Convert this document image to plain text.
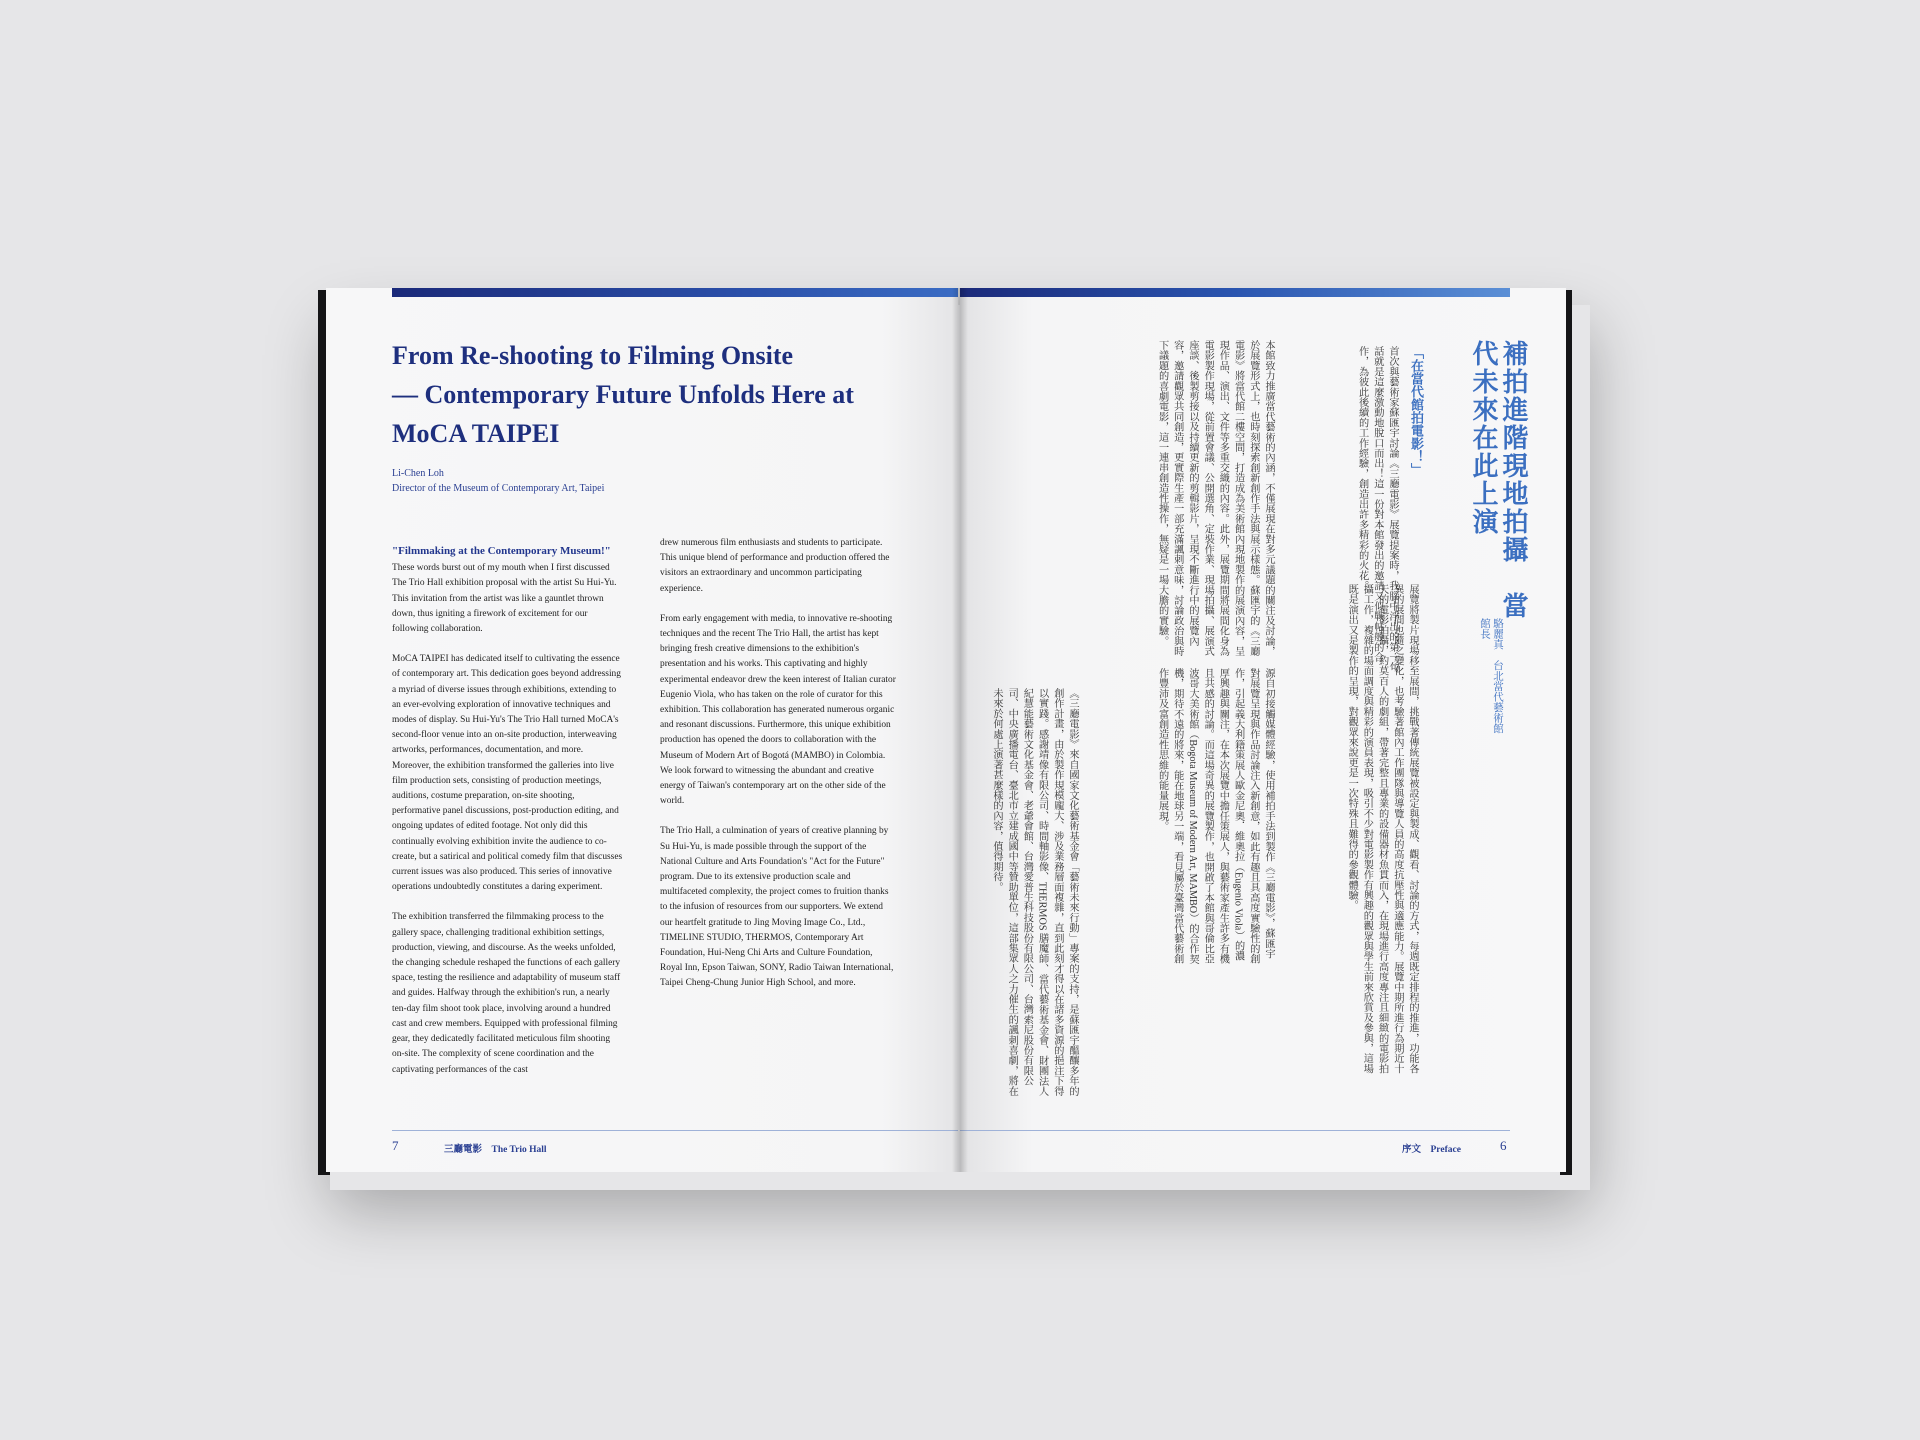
From Re-shooting to Filming Onsite
— Contemporary Future Unfolds Here at
MoCA TAIPEI
Li-Chen Loh
Director of the Museum of Contemporary Art, Taipei
"Filmmaking at the Contemporary Museum!"

These words burst out of my mouth when I first discussed The Trio Hall exhibition proposal with the artist Su Hui-Yu. This invitation from the artist was like a gauntlet thrown down, thus igniting a firework of excitement for our following collaboration.

MoCA TAIPEI has dedicated itself to cultivating the essence of contemporary art. This dedication goes beyond addressing a myriad of diverse issues through exhibitions, extending to an ever-evolving exploration of innovative techniques and modes of display. Su Hui-Yu's The Trio Hall turned MoCA's second-floor venue into an on-site production, interweaving artworks, performances, documentation, and more. Moreover, the exhibition transformed the galleries into live film production sets, consisting of production meetings, auditions, costume preparation, on-site shooting, performative panel discussions, post-production editing, and ongoing updates of edited footage. Not only did this continually evolving exhibition invite the audience to co-create, but a satirical and political comedy film that discusses current issues was also produced. This series of innovative operations undoubtedly constitutes a daring experiment.

The exhibition transferred the filmmaking process to the gallery space, challenging traditional exhibition settings, production, viewing, and discourse. As the weeks unfolded, the changing schedule reshaped the functions of each gallery space, testing the resilience and adaptability of museum staff and guides. Halfway through the exhibition's run, a nearly ten-day film shoot took place, involving around a hundred cast and crew members. Equipped with professional filming gear, they dedicatedly facilitated meticulous film shooting on-site. The complexity of scene coordination and the captivating performances of the cast

drew numerous film enthusiasts and students to participate. This unique blend of performance and production offered the visitors an extraordinary and uncommon participating experience.

From early engagement with media, to innovative re-shooting techniques and the recent The Trio Hall, the artist has kept bringing fresh creative dimensions to the exhibition's presentation and his works. This captivating and highly experimental endeavor drew the keen interest of Italian curator Eugenio Viola, who has taken on the role of curator for this exhibition. This collaboration has generated numerous organic and resonant discussions. Furthermore, this unique exhibition production has opened the doors to collaboration with the Museum of Modern Art of Bogotá (MAMBO) in Colombia. We look forward to witnessing the abundant and creative energy of Taiwan's contemporary art on the other side of the world.

The Trio Hall, a culmination of years of creative planning by Su Hui-Yu, is made possible through the support of the National Culture and Arts Foundation's "Act for the Future" program. Due to its extensive production scale and multifaceted complexity, the project comes to fruition thanks to the infusion of resources from our supporters. We extend our heartfelt gratitude to Jing Moving Image Co., Ltd., TIMELINE STUDIO, THERMOS, Contemporary Art Foundation, Hui-Neng Chi Arts and Culture Foundation, Royal Inn, Epson Taiwan, SONY, Radio Taiwan International, Taipei Cheng-Chung Junior High School, and more.

7	三廳電影　The Trio Hall
補拍進階現地拍攝　當代未來在此上演
駱麗真　台北當代藝術館館長
「在當代館拍電影！」
首次與藝術家蘇匯宇討論《三廳電影》展覽提案時，我腦中浮出的第一句話就是這麼激動地脫口而出！這一份對本館發出的邀請又似戰帖般的合作，為彼此後續的工作經驗，創造出許多精彩的火花。
本館致力推廣當代藝術的內涵，不僅展現在對多元議題的關注及討論，於展覽形式上，也時刻探索創新創作手法與展示樣態。蘇匯宇的《三廳電影》將當代館二樓空間，打造成為美術館內現地製作的展演內容，呈現作品、演出、文件等多重交織的內容。此外，展覽期間將展間化身為電影製作現場，從前置會議、公開選角、定裝作業、現場拍攝、展演式座談、後製剪接以及持續更新的剪輯影片，呈現不斷進行中的展覽內容，邀請觀眾共同創造，更實際生產一部充滿諷刺意味，討論政治與時下議題的喜劇電影，這一連串創造性操作，無疑是一場大膽的實驗。
展覽將製片現場移至展間，挑戰著傳統展覽被設定與製成、觀看、討論的方式，每週既定排程的推進，功能各異的展間也隨之變化，也考驗著館內工作團隊與導覽人員的高度抗壓性與適應能力。展覽中期所進行為期近十天的電影拍攝，約莫百人的劇組，帶著完整且專業的設備器材魚貫而入，在現場進行高度專注且細緻的電影拍攝工作，複雜的場面調度與精彩的演員表現，吸引不少對電影製作有興趣的觀眾與學生前來欣賞及參與，這場既是演出又是製作的呈現，對觀眾來說更是一次特殊且難得的參觀體驗。
源自初接觸媒體經驗，使用補拍手法到製作《三廳電影》，蘇匯宇對展覽呈現與作品討論注入新創意，如此有趣且具高度實驗性的創作，引起義大利籍策展人歐金尼奧．維奧拉（Eugenio Viola）的濃厚興趣與關注，在本次展覽中擔任策展人，與藝術家產生許多有機且共感的討論。而這場奇異的展覽製作，也開啟了本館與哥倫比亞波哥大美術館（Bogota Museum of Modern Art, MAMBO）的合作契機，期待不遠的將來，能在地球另一端，看見屬於臺灣當代藝術創作豐沛及富創造性思維的能量展現。
《三廳電影》來自國家文化藝術基金會「藝術未來行動」專案的支持，是蘇匯宇醞釀多年的創作計畫，由於製作規模龐大、涉及業務層面複雜，直到此刻才得以在諸多資源的挹注下得以實踐。感謝靖像有限公司、時間軸影像、THERMOS 膳魔師、當代藝術基金會、財團法人紀慧能藝術文化基金會、老爺會館、台灣愛普生科技股份有限公司、台灣索尼股份有限公司、中央廣播電台、臺北市立建成國中等贊助單位，這部集眾人之力催生的諷刺喜劇，將在未來於何處上演著甚麼樣的內容，值得期待。
序文　Preface	6
